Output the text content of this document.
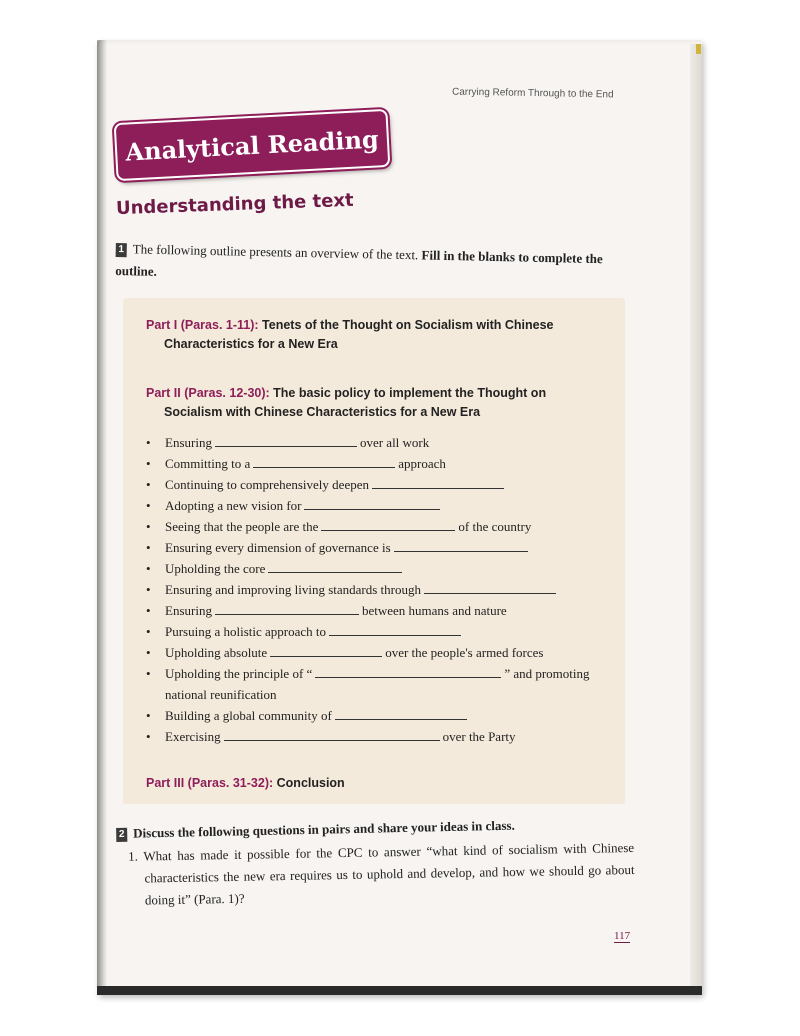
Carrying Reform Through to the End
Analytical Reading
Understanding the text
1 The following outline presents an overview of the text. Fill in the blanks to complete the outline.
Part I (Paras. 1-11): Tenets of the Thought on Socialism with Chinese
Characteristics for a New Era
Part II (Paras. 12-30): The basic policy to implement the Thought on
Socialism with Chinese Characteristics for a New Era
• Ensuring	over all work
• Committing to a	approach
• Continuing to comprehensively deepen
• Adopting a new vision for
• Seeing that the people are the	of the country
• Ensuring every dimension of governance is
• Upholding the core
• Ensuring and improving living standards through
• Ensuring	between humans and nature
• Pursuing a holistic approach to
• Upholding absolute	over the people's armed forces
• Upholding the principle of “	” and promoting
national reunification
• Building a global community of
• Exercising	over the Party
Part III (Paras. 31-32): Conclusion
2 Discuss the following questions in pairs and share your ideas in class.
1. What has made it possible for the CPC to answer “what kind of socialism with Chinese characteristics the new era requires us to uphold and develop, and how we should go about doing it” (Para. 1)?
117
